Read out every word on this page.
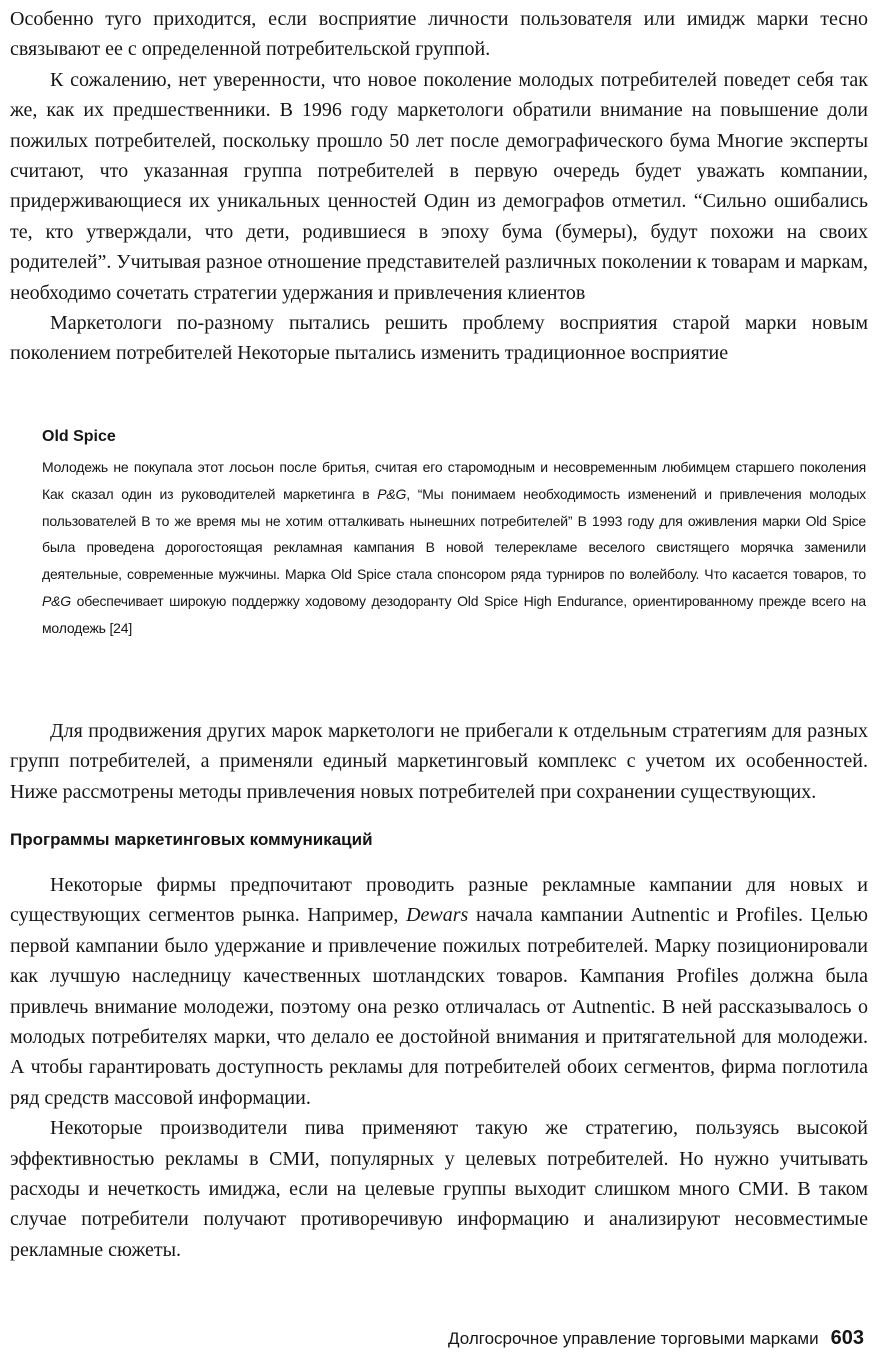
Особенно туго приходится, если восприятие личности пользователя или имидж марки тесно связывают ее с определенной потребительской группой.

К сожалению, нет уверенности, что новое поколение молодых потребителей поведет себя так же, как их предшественники. В 1996 году маркетологи обратили внимание на повышение доли пожилых потребителей, поскольку прошло 50 лет после демографического бума Многие эксперты считают, что указанная группа потребителей в первую очередь будет уважать компании, придерживающиеся их уникальных ценностей Один из демографов отметил. “Сильно ошибались те, кто утверждали, что дети, родившиеся в эпоху бума (бумеры), будут похожи на своих родителей”. Учитывая разное отношение представителей различных поколении к товарам и маркам, необходимо сочетать стратегии удержания и привлечения клиентов

Маркетологи по-разному пытались решить проблему восприятия старой марки новым поколением потребителей Некоторые пытались изменить традиционное восприятие

Old Spice

Молодежь не покупала этот лосьон после бритья, считая его старомодным и несовременным любимцем старшего поколения Как сказал один из руководителей маркетинга в P&G, “Мы понимаем необходимость изменений и привлечения молодых пользователей В то же время мы не хотим отталкивать нынешних потребителей” В 1993 году для оживления марки Old Spice была проведена дорогостоящая рекламная кампания В новой телерекламе веселого свистящего морячка заменили деятельные, современные мужчины. Марка Old Spice стала спонсором ряда турниров по волейболу. Что касается товаров, то P&G обеспечивает широкую поддержку ходовому дезодоранту Old Spice High Endurance, ориентированному прежде всего на молодежь [24]

Для продвижения других марок маркетологи не прибегали к отдельным стратегиям для разных групп потребителей, а применяли единый маркетинговый комплекс с учетом их особенностей. Ниже рассмотрены методы привлечения новых потребителей при сохранении существующих.

Программы маркетинговых коммуникаций

Некоторые фирмы предпочитают проводить разные рекламные кампании для новых и существующих сегментов рынка. Например, Dewars начала кампании Autnentic и Profiles. Целью первой кампании было удержание и привлечение пожилых потребителей. Марку позиционировали как лучшую наследницу качественных шотландских товаров. Кампания Profiles должна была привлечь внимание молодежи, поэтому она резко отличалась от Autnentic. В ней рассказывалось о молодых потребителях марки, что делало ее достойной внимания и притягательной для молодежи. А чтобы гарантировать доступность рекламы для потребителей обоих сегментов, фирма поглотила ряд средств массовой информации.

Некоторые производители пива применяют такую же стратегию, пользуясь высокой эффективностью рекламы в СМИ, популярных у целевых потребителей. Но нужно учитывать расходы и нечеткость имиджа, если на целевые группы выходит слишком много СМИ. В таком случае потребители получают противоречивую информацию и анализируют несовместимые рекламные сюжеты.

Долгосрочное управление торговыми марками 603
